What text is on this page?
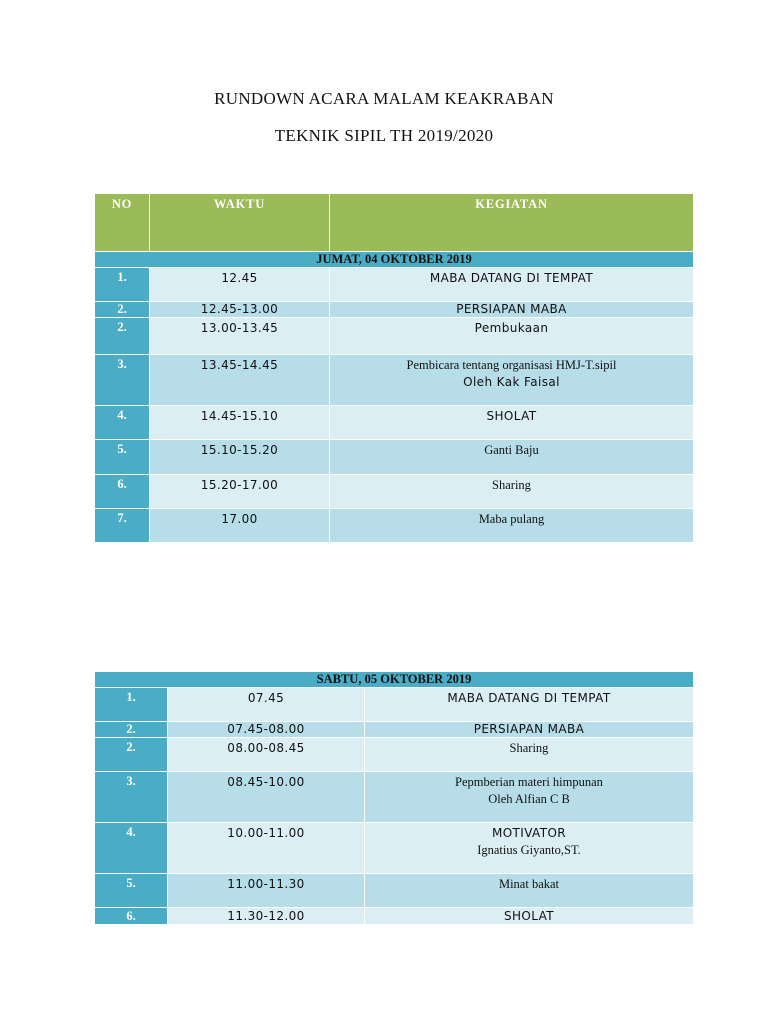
RUNDOWN ACARA MALAM KEAKRABAN
TEKNIK SIPIL TH 2019/2020
NO	WAKTU	KEGIATAN
JUMAT, 04 OKTOBER 2019		
1.	12.45	MABA DATANG DI TEMPAT
2.	12.45-13.00	PERSIAPAN MABA
2.	13.00-13.45	Pembukaan
3.	13.45-14.45	Pembicara tentang organisasi HMJ-T.sipil
Oleh Kak Faisal

4.	14.45-15.10	SHOLAT
5.	15.10-15.20	Ganti Baju
6.	15.20-17.00	Sharing
7.	17.00	Maba pulang
SABTU, 05 OKTOBER 2019		
1.	07.45	MABA DATANG DI TEMPAT
2.	07.45-08.00	PERSIAPAN MABA
2.	08.00-08.45	Sharing
3.	08.45-10.00	Pepmberian materi himpunan
Oleh Alfian C B

4.	10.00-11.00	MOTIVATOR
Ignatius Giyanto,ST.

5.	11.00-11.30	Minat bakat
6.	11.30-12.00	SHOLAT
